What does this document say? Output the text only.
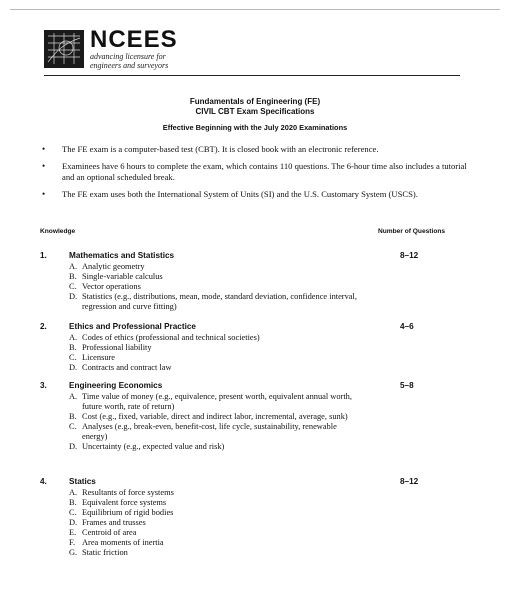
NCEES
advancing licensure for
engineers and surveyors
Fundamentals of Engineering (FE)
CIVIL CBT Exam Specifications
Effective Beginning with the July 2020 Examinations
• The FE exam is a computer-based test (CBT). It is closed book with an electronic reference.
• Examinees have 6 hours to complete the exam, which contains 110 questions. The 6-hour time also includes a tutorial and an optional scheduled break.
• The FE exam uses both the International System of Units (SI) and the U.S. Customary System (USCS).
Knowledge	Number of Questions
1.	Mathematics and Statistics	8–12
A. Analytic geometry
B. Single-variable calculus
C. Vector operations
D. Statistics (e.g., distributions, mean, mode, standard deviation, confidence interval, regression and curve fitting)
2.	Ethics and Professional Practice	4–6
A. Codes of ethics (professional and technical societies)
B. Professional liability
C. Licensure
D. Contracts and contract law
3.	Engineering Economics	5–8
A. Time value of money (e.g., equivalence, present worth, equivalent annual worth, future worth, rate of return)
B. Cost (e.g., fixed, variable, direct and indirect labor, incremental, average, sunk)
C. Analyses (e.g., break-even, benefit-cost, life cycle, sustainability, renewable energy)
D. Uncertainty (e.g., expected value and risk)
4.	Statics	8–12
A. Resultants of force systems
B. Equivalent force systems
C. Equilibrium of rigid bodies
D. Frames and trusses
E. Centroid of area
F. Area moments of inertia
G. Static friction
